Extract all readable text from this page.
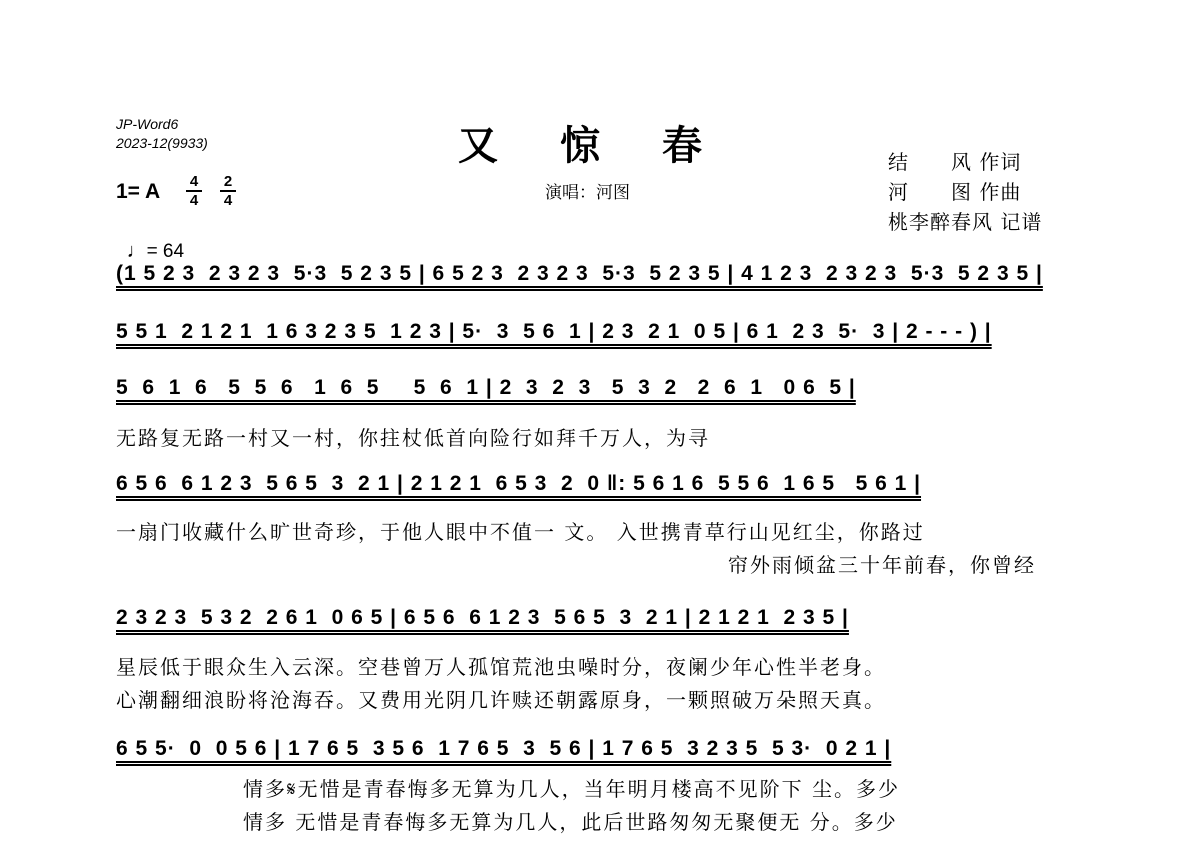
JP-Word6
2023-12(9933)	又惊春
演唱：河图
结　　风 作词
河　　图 作曲
桃李醉春风 记谱
1= A 4
4
2
4

♩= 64

(1 5 2 3  2 3 2 3  5·3  5 2 3 5 | 6 5 2 3  2 3 2 3  5·3  5 2 3 5 | 4 1 2 3  2 3 2 3  5·3  5 2 3 5 |
5 5 1  2 1 2 1  1 6 3 2 3 5  1 2 3 | 5·  3  5 6  1 | 2 3  2 1  0 5 | 6 1  2 3  5·  3 | 2 - - - ) |
5  6  1  6   5  5  6   1  6  5     5  6  1 | 2  3  2  3   5  3  2   2  6  1   0 6  5 |
无路复无路一村又一村，你拄杖低首向险行如拜千万人，为寻
6 5 6  6 1 2 3  5 6 5  3  2 1 | 2 1 2 1  6 5 3  2  0 ‖: 5 6 1 6  5 5 6  1 6 5   5 6 1 |
一扇门收藏什么旷世奇珍，于他人眼中不值一 文。 入世携青草行山见红尘，你路过
帘外雨倾盆三十年前春，你曾经
2 3 2 3  5 3 2  2 6 1  0 6 5 | 6 5 6  6 1 2 3  5 6 5  3  2 1 | 2 1 2 1  2 3 5 |
星辰低于眼众生入云深。空巷曾万人孤馆荒池虫噪时分，夜阑少年心性半老身。
心潮翻细浪盼将沧海吞。又费用光阴几许赎还朝露原身，一颗照破万朵照天真。
6 5 5·  0  0 5 6 | 1 7 6 5  3 5 6  1 7 6 5  3  5 6 | 1 7 6 5  3 2 3 5  5 3·  0 2 1 |
情多𝄋无惜是青春悔多无算为几人，当年明月楼高不见阶下 尘。多少
情多 无惜是青春悔多无算为几人，此后世路匆匆无聚便无 分。多少
